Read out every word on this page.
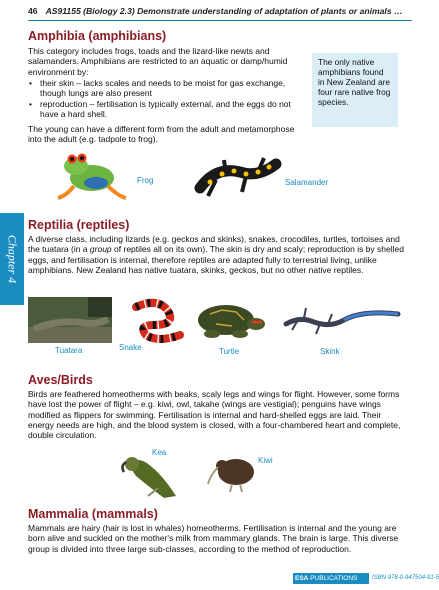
46 AS91155 (Biology 2.3) Demonstrate understanding of adaptation of plants or animals …
Chapter 4
Amphibia (amphibians)

This category includes frogs, toads and the lizard-like newts and salamanders. Amphibians are restricted to an aquatic or damp/humid environment by:

• their skin – lacks scales and needs to be moist for gas exchange, though lungs are also present
• reproduction – fertilisation is typically external, and the eggs do not have a hard shell.

The young can have a different form from the adult and metamorphose into the adult (e.g. tadpole to frog).

The only native amphibians found in New Zealand are four rare native frog species.
Frog	Salamander
Reptilia (reptiles)

A diverse class, including lizards (e.g. geckos and skinks), snakes, crocodiles, turtles, tortoises and the tuatara (in a group of reptiles all on its own). The skin is dry and scaly; reproduction is by shelled eggs, and fertilisation is internal, therefore reptiles are adapted fully to terrestrial living, unlike amphibians. New Zealand has native tuatara, skinks, geckos, but no other native reptiles.

Tuatara	Snake	Turtle	Skink
Aves/Birds

Birds are feathered homeotherms with beaks, scaly legs and wings for flight. However, some forms have lost the power of flight – e.g. kiwi, owl, takahe (wings are vestigial); penguins have wings modified as flippers for swimming. Fertilisation is internal and hard-shelled eggs are laid. Their energy needs are high, and the blood system is closed, with a four-chambered heart and complete, double circulation.

Kea
Kiwi
Mammalia (mammals)

Mammals are hairy (hair is lost in whales) homeotherms. Fertilisation is internal and the young are born alive and suckled on the mother's milk from mammary glands. The brain is large. This diverse group is divided into three large sub-classes, according to the method of reproduction.

ESA PUBLICATIONS	ISBN 978-0-947504-91-5
